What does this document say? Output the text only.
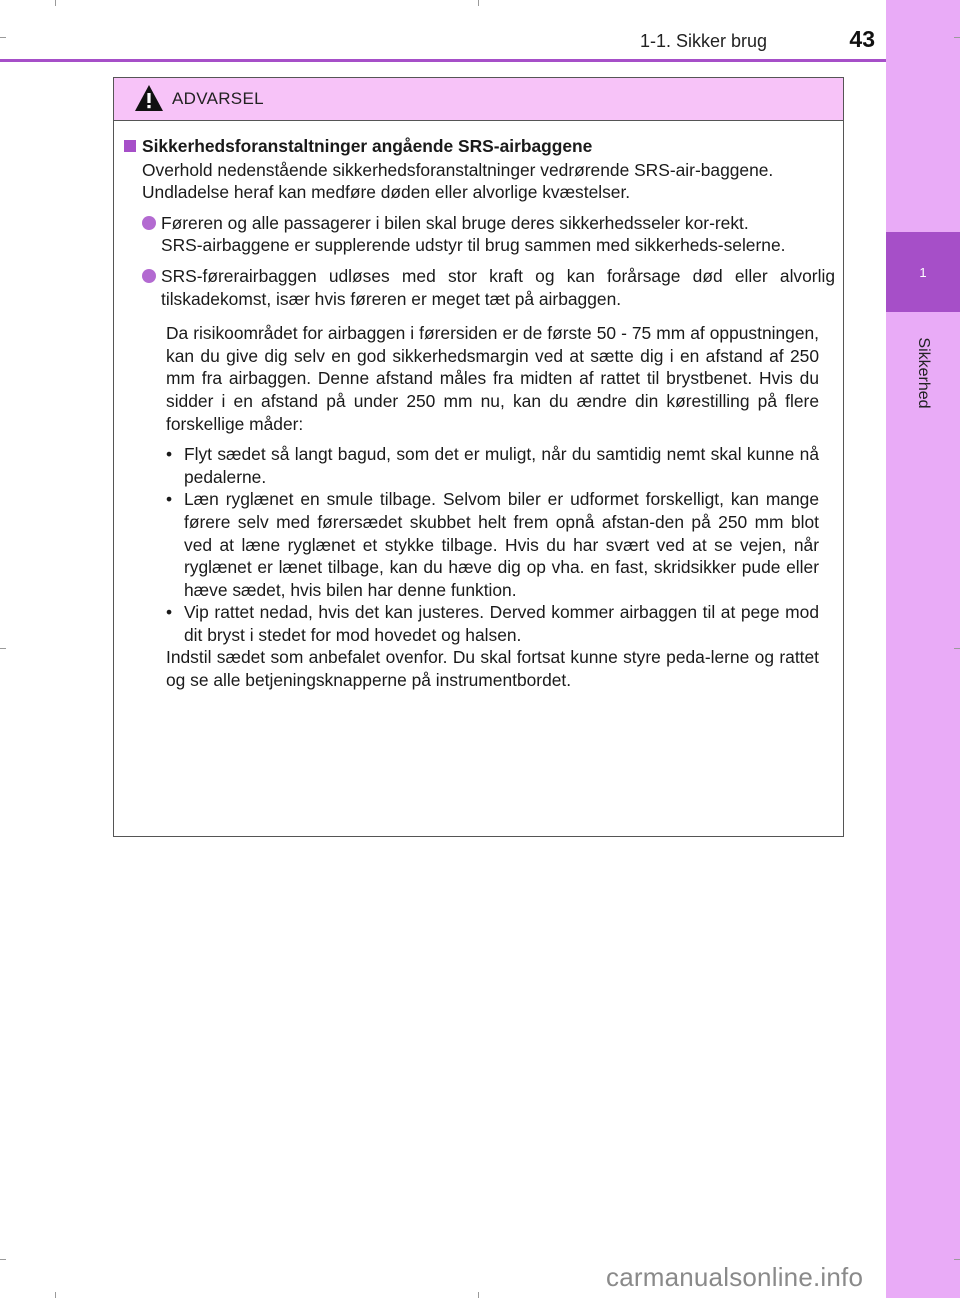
1
Sikkerhed
1-1. Sikker brug	43
ADVARSEL
Sikkerhedsforanstaltninger angående SRS-airbaggene

Overhold nedenstående sikkerhedsforanstaltninger vedrørende SRS-air-baggene.

Undladelse heraf kan medføre døden eller alvorlige kvæstelser.

Føreren og alle passagerer i bilen skal bruge deres sikkerhedsseler kor-rekt.

SRS-airbaggene er supplerende udstyr til brug sammen med sikkerheds-selerne.

SRS-førerairbaggen udløses med stor kraft og kan forårsage død eller alvorlig tilskadekomst, især hvis føreren er meget tæt på airbaggen.

Da risikoområdet for airbaggen i førersiden er de første 50 - 75 mm af oppustningen, kan du give dig selv en god sikkerhedsmargin ved at sætte dig i en afstand af 250 mm fra airbaggen. Denne afstand måles fra midten af rattet til brystbenet. Hvis du sidder i en afstand på under 250 mm nu, kan du ændre din kørestilling på flere forskellige måder:

• Flyt sædet så langt bagud, som det er muligt, når du samtidig nemt skal kunne nå pedalerne.

• Læn ryglænet en smule tilbage. Selvom biler er udformet forskelligt, kan mange førere selv med førersædet skubbet helt frem opnå afstan-den på 250 mm blot ved at læne ryglænet et stykke tilbage. Hvis du har svært ved at se vejen, når ryglænet er lænet tilbage, kan du hæve dig op vha. en fast, skridsikker pude eller hæve sædet, hvis bilen har denne funktion.

• Vip rattet nedad, hvis det kan justeres. Derved kommer airbaggen til at pege mod dit bryst i stedet for mod hovedet og halsen.

Indstil sædet som anbefalet ovenfor. Du skal fortsat kunne styre peda-lerne og rattet og se alle betjeningsknapperne på instrumentbordet.

carmanualsonline.info
